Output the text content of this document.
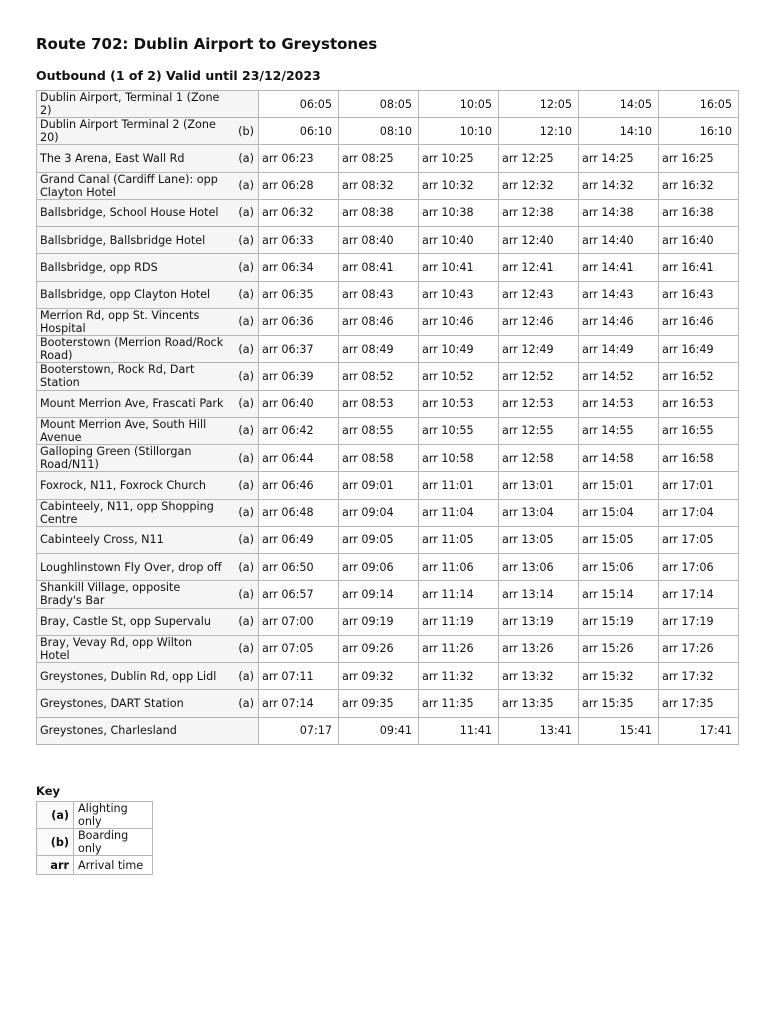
Route 702: Dublin Airport to Greystones
Outbound (1 of 2) Valid until 23/12/2023
Dublin Airport, Terminal 1 (Zone 2)		06:05	08:05	10:05	12:05	14:05	16:05
Dublin Airport Terminal 2 (Zone 20)	(b)	06:10	08:10	10:10	12:10	14:10	16:10
The 3 Arena, East Wall Rd	(a)	arr 06:23	arr 08:25	arr 10:25	arr 12:25	arr 14:25	arr 16:25
Grand Canal (Cardiff Lane): opp Clayton Hotel	(a)	arr 06:28	arr 08:32	arr 10:32	arr 12:32	arr 14:32	arr 16:32
Ballsbridge, School House Hotel	(a)	arr 06:32	arr 08:38	arr 10:38	arr 12:38	arr 14:38	arr 16:38
Ballsbridge, Ballsbridge Hotel	(a)	arr 06:33	arr 08:40	arr 10:40	arr 12:40	arr 14:40	arr 16:40
Ballsbridge, opp RDS	(a)	arr 06:34	arr 08:41	arr 10:41	arr 12:41	arr 14:41	arr 16:41
Ballsbridge, opp Clayton Hotel	(a)	arr 06:35	arr 08:43	arr 10:43	arr 12:43	arr 14:43	arr 16:43
Merrion Rd, opp St. Vincents Hospital	(a)	arr 06:36	arr 08:46	arr 10:46	arr 12:46	arr 14:46	arr 16:46
Booterstown (Merrion Road/Rock Road)	(a)	arr 06:37	arr 08:49	arr 10:49	arr 12:49	arr 14:49	arr 16:49
Booterstown, Rock Rd, Dart Station	(a)	arr 06:39	arr 08:52	arr 10:52	arr 12:52	arr 14:52	arr 16:52
Mount Merrion Ave, Frascati Park	(a)	arr 06:40	arr 08:53	arr 10:53	arr 12:53	arr 14:53	arr 16:53
Mount Merrion Ave, South Hill Avenue	(a)	arr 06:42	arr 08:55	arr 10:55	arr 12:55	arr 14:55	arr 16:55
Galloping Green (Stillorgan Road/N11)	(a)	arr 06:44	arr 08:58	arr 10:58	arr 12:58	arr 14:58	arr 16:58
Foxrock, N11, Foxrock Church	(a)	arr 06:46	arr 09:01	arr 11:01	arr 13:01	arr 15:01	arr 17:01
Cabinteely, N11, opp Shopping Centre	(a)	arr 06:48	arr 09:04	arr 11:04	arr 13:04	arr 15:04	arr 17:04
Cabinteely Cross, N11	(a)	arr 06:49	arr 09:05	arr 11:05	arr 13:05	arr 15:05	arr 17:05
Loughlinstown Fly Over, drop off	(a)	arr 06:50	arr 09:06	arr 11:06	arr 13:06	arr 15:06	arr 17:06
Shankill Village, opposite Brady's Bar	(a)	arr 06:57	arr 09:14	arr 11:14	arr 13:14	arr 15:14	arr 17:14
Bray, Castle St, opp Supervalu	(a)	arr 07:00	arr 09:19	arr 11:19	arr 13:19	arr 15:19	arr 17:19
Bray, Vevay Rd, opp Wilton Hotel	(a)	arr 07:05	arr 09:26	arr 11:26	arr 13:26	arr 15:26	arr 17:26
Greystones, Dublin Rd, opp Lidl	(a)	arr 07:11	arr 09:32	arr 11:32	arr 13:32	arr 15:32	arr 17:32
Greystones, DART Station	(a)	arr 07:14	arr 09:35	arr 11:35	arr 13:35	arr 15:35	arr 17:35
Greystones, Charlesland		07:17	09:41	11:41	13:41	15:41	17:41
Key
(a)	Alighting only
(b)	Boarding only
arr	Arrival time
